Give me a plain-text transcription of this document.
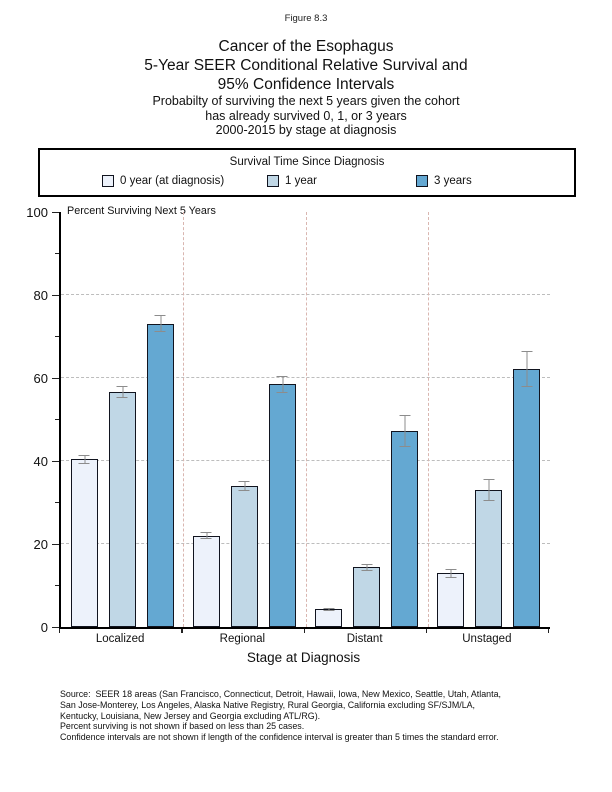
Figure 8.3
Cancer of the Esophagus
5-Year SEER Conditional Relative Survival and
95% Confidence Intervals
Probabilty of surviving the next 5 years given the cohort
has already survived 0, 1, or 3 years
2000-2015 by stage at diagnosis
Survival Time Since Diagnosis
0 year (at diagnosis)	1 year	3 years
Percent Surviving Next 5 Years
0
20
40
60
80
100
Stage at Diagnosis
Source:  SEER 18 areas (San Francisco, Connecticut, Detroit, Hawaii, Iowa, New Mexico, Seattle, Utah, Atlanta,
San Jose-Monterey, Los Angeles, Alaska Native Registry, Rural Georgia, California excluding SF/SJM/LA,
Kentucky, Louisiana, New Jersey and Georgia excluding ATL/RG).
Percent surviving is not shown if based on less than 25 cases.
Confidence intervals are not shown if length of the confidence interval is greater than 5 times the standard error.
Localized	Regional	Distant	Unstaged
